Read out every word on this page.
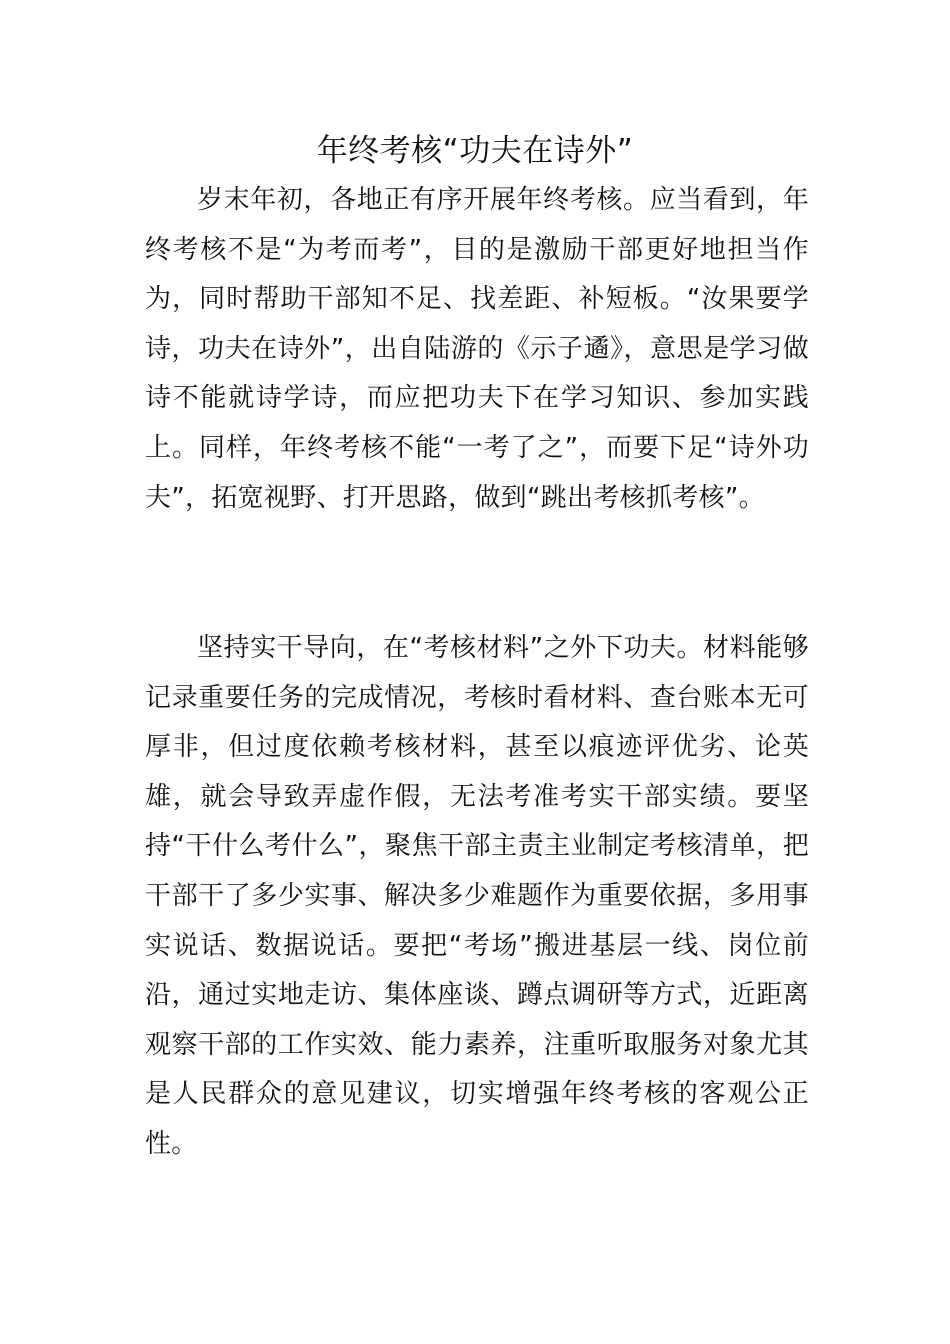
年终考核“功夫在诗外”

岁末年初，各地正有序开展年终考核。应当看到，年终考核不是“为考而考”，目的是激励干部更好地担当作为，同时帮助干部知不足、找差距、补短板。“汝果要学诗，功夫在诗外”，出自陆游的《示子遹》，意思是学习做诗不能就诗学诗，而应把功夫下在学习知识、参加实践上。同样，年终考核不能“一考了之”，而要下足“诗外功夫”，拓宽视野、打开思路，做到“跳出考核抓考核”。

坚持实干导向，在“考核材料”之外下功夫。材料能够记录重要任务的完成情况，考核时看材料、查台账本无可厚非，但过度依赖考核材料，甚至以痕迹评优劣、论英雄，就会导致弄虚作假，无法考准考实干部实绩。要坚持“干什么考什么”，聚焦干部主责主业制定考核清单，把干部干了多少实事、解决多少难题作为重要依据，多用事实说话、数据说话。要把“考场”搬进基层一线、岗位前沿，通过实地走访、集体座谈、蹲点调研等方式，近距离观察干部的工作实效、能力素养，注重听取服务对象尤其是人民群众的意见建议，切实增强年终考核的客观公正性。
